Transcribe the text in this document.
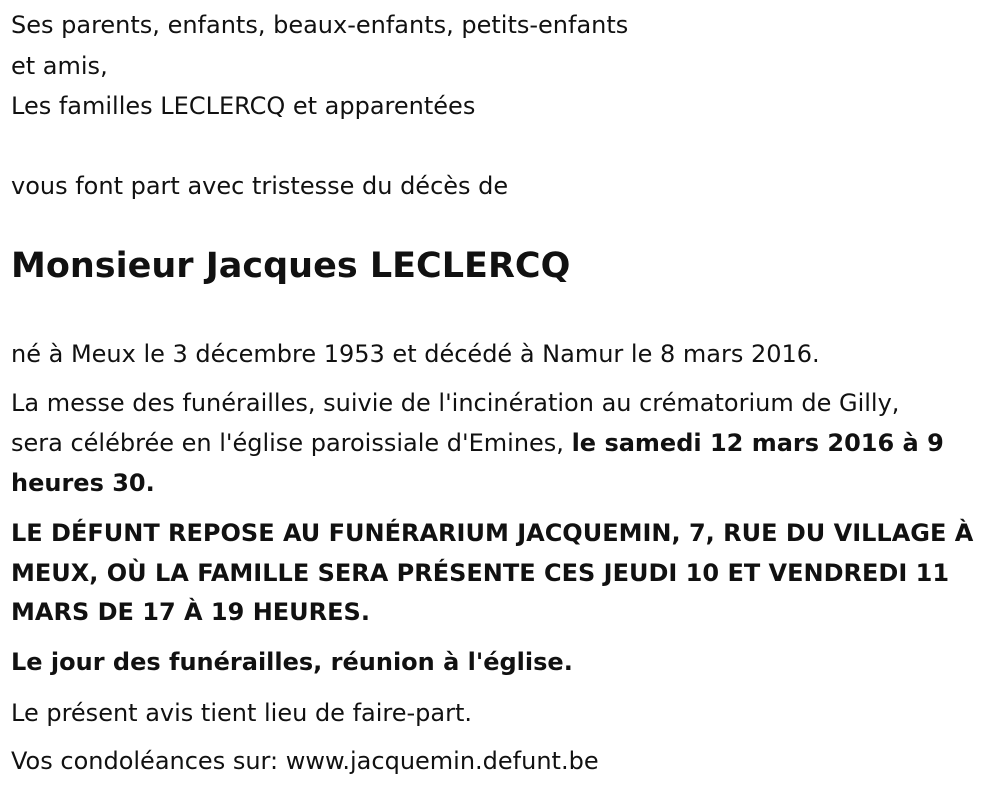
Ses parents, enfants, beaux-enfants, petits-enfants
et amis,
Les familles LECLERCQ et apparentées
vous font part avec tristesse du décès de
Monsieur Jacques LECLERCQ
né à Meux le 3 décembre 1953 et décédé à Namur le 8 mars 2016.
La messe des funérailles, suivie de l'incinération au crématorium de Gilly,
sera célébrée en l'église paroissiale d'Emines, le samedi 12 mars 2016 à 9
heures 30.
LE DÉFUNT REPOSE AU FUNÉRARIUM JACQUEMIN, 7, RUE DU VILLAGE À
MEUX, OÙ LA FAMILLE SERA PRÉSENTE CES JEUDI 10 ET VENDREDI 11
MARS DE 17 À 19 HEURES.
Le jour des funérailles, réunion à l'église.
Le présent avis tient lieu de faire-part.
Vos condoléances sur: www.jacquemin.defunt.be
